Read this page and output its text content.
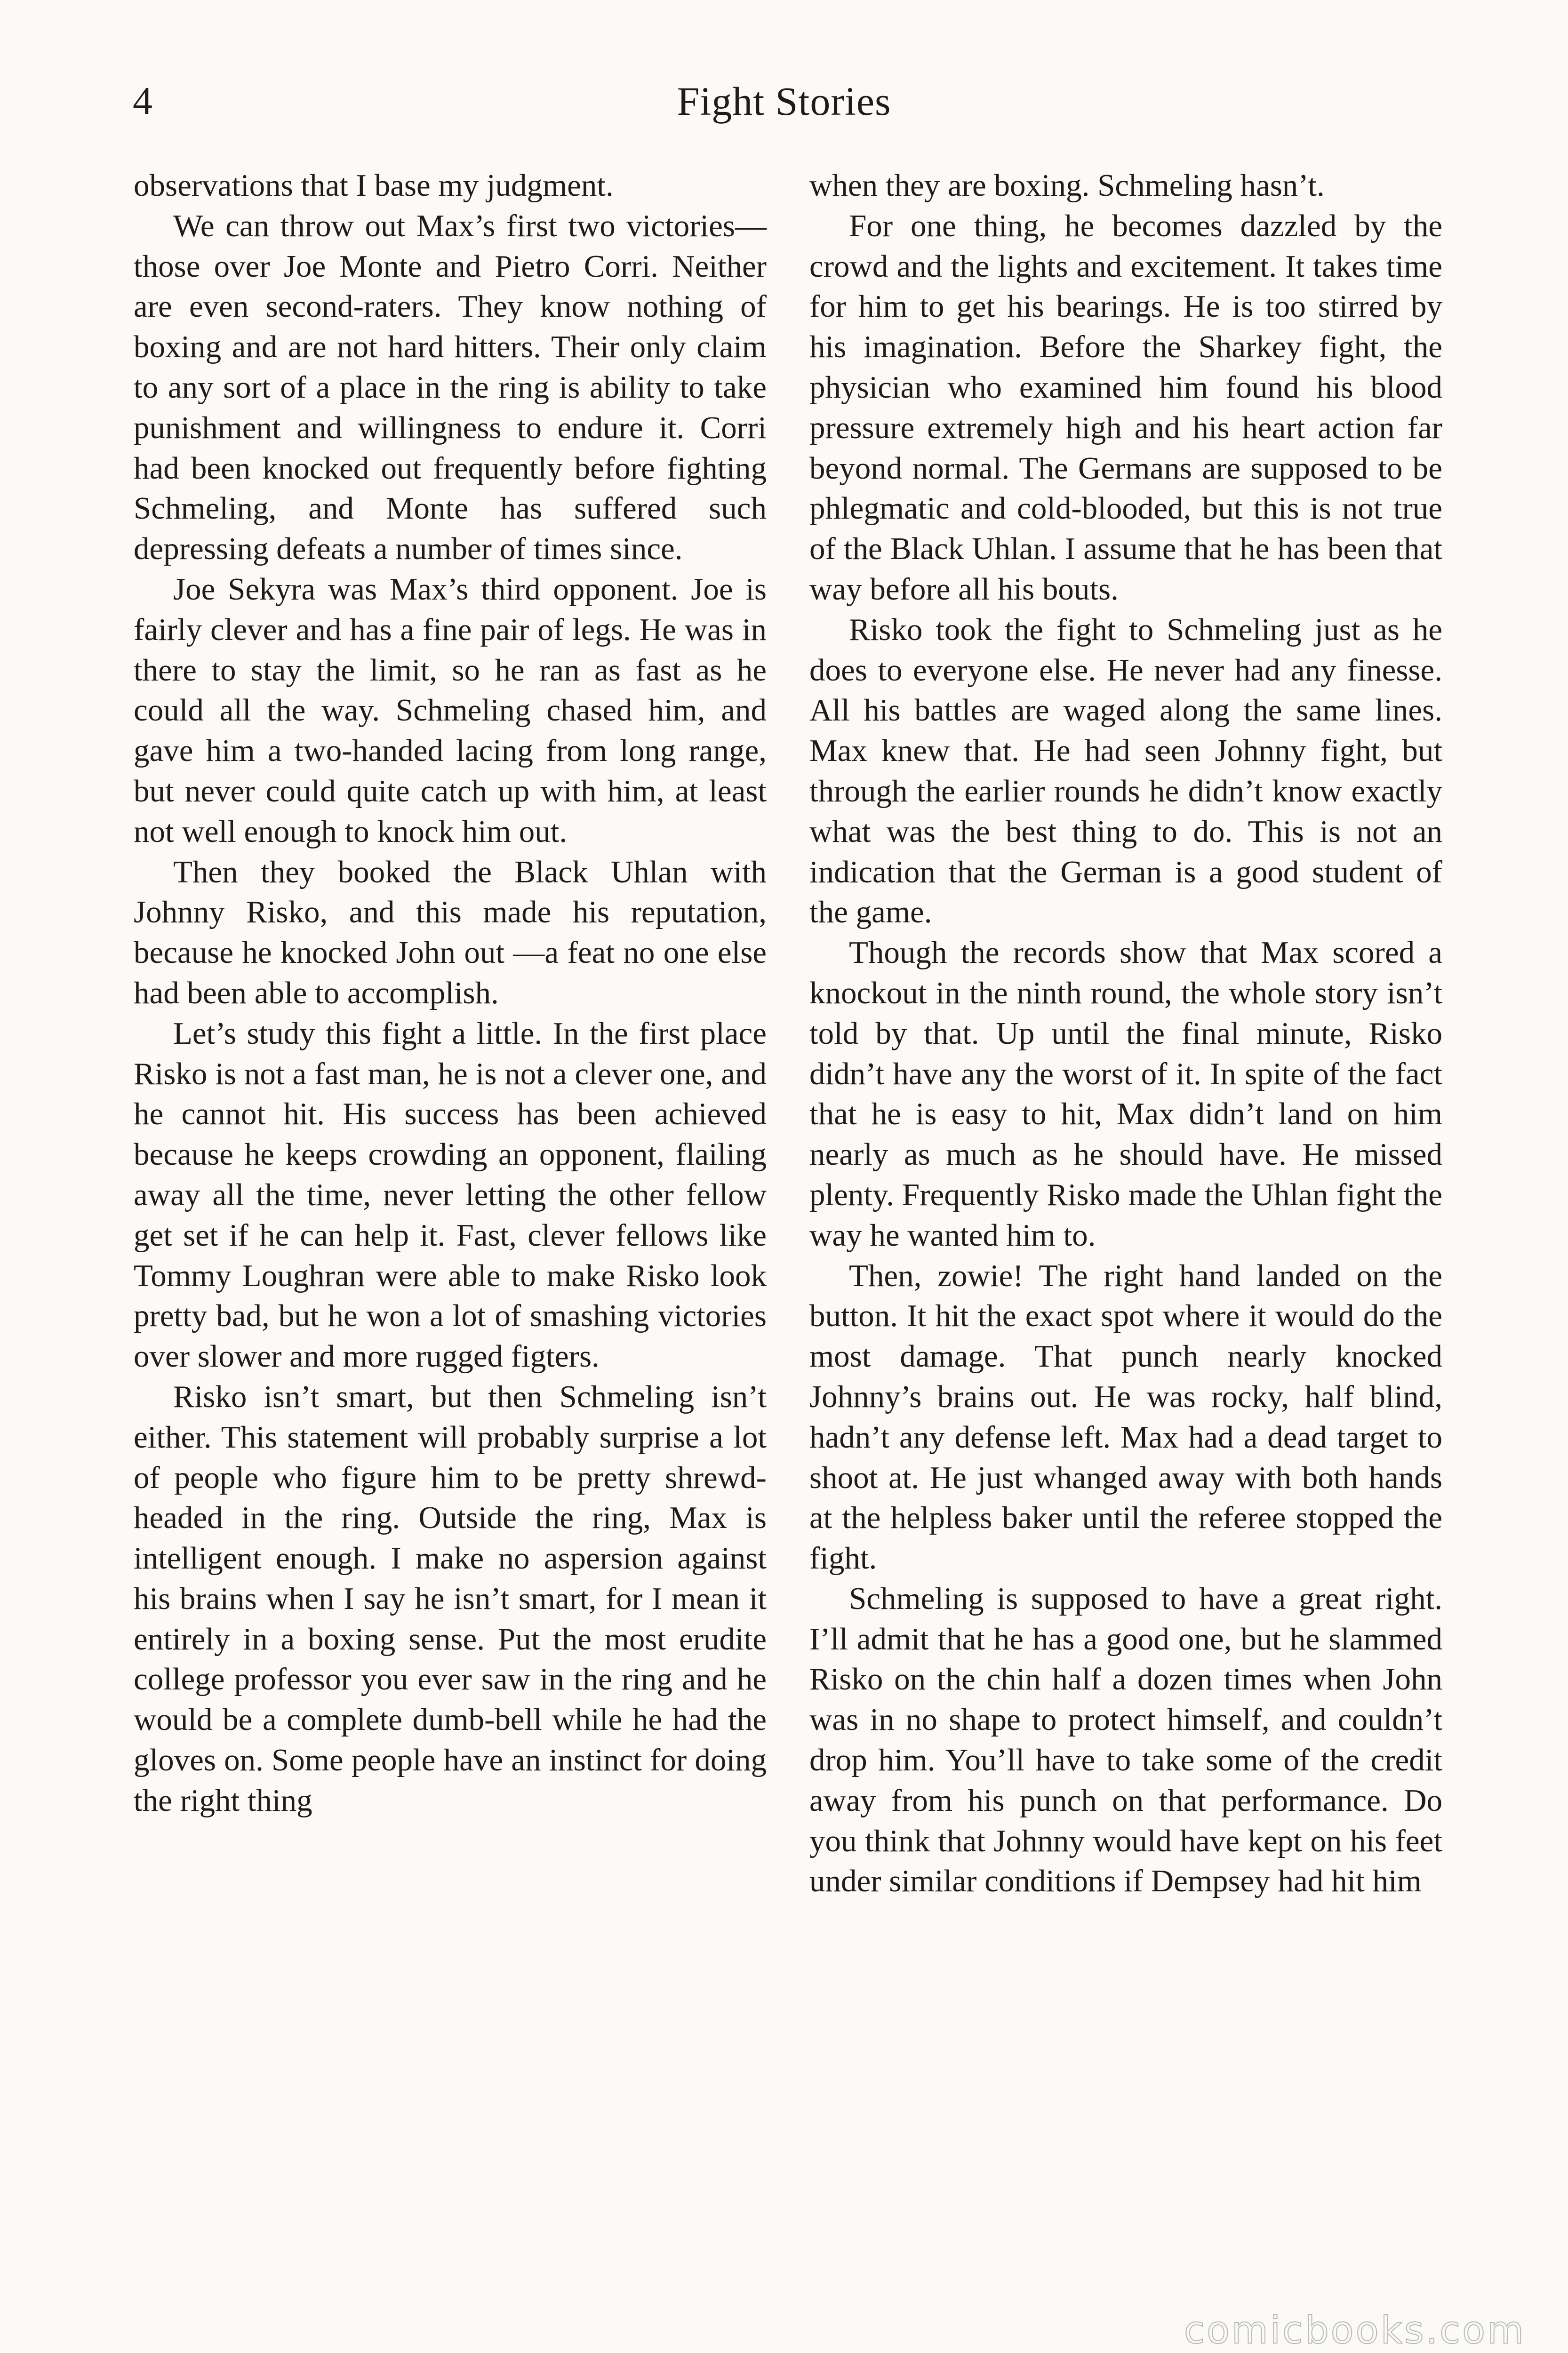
4	Fight Stories

observations that I base my judgment.

We can throw out Max’s first two victories—those over Joe Monte and Pietro Corri. Neither are even second-raters. They know nothing of boxing and are not hard hitters. Their only claim to any sort of a place in the ring is ability to take punishment and willingness to endure it. Corri had been knocked out frequently before fighting Schmeling, and Monte has suffered such depressing defeats a number of times since.

Joe Sekyra was Max’s third opponent. Joe is fairly clever and has a fine pair of legs. He was in there to stay the limit, so he ran as fast as he could all the way. Schmeling chased him, and gave him a two-handed lacing from long range, but never could quite catch up with him, at least not well enough to knock him out.

Then they booked the Black Uhlan with Johnny Risko, and this made his reputation, because he knocked John out —a feat no one else had been able to accomplish.

Let’s study this fight a little. In the first place Risko is not a fast man, he is not a clever one, and he cannot hit. His success has been achieved because he keeps crowding an opponent, flailing away all the time, never letting the other fellow get set if he can help it. Fast, clever fellows like Tommy Loughran were able to make Risko look pretty bad, but he won a lot of smashing victories over slower and more rugged figters.

Risko isn’t smart, but then Schmeling isn’t either. This statement will probably surprise a lot of people who figure him to be pretty shrewd-headed in the ring. Outside the ring, Max is intelligent enough. I make no aspersion against his brains when I say he isn’t smart, for I mean it entirely in a boxing sense. Put the most erudite college professor you ever saw in the ring and he would be a complete dumb-bell while he had the gloves on. Some people have an instinct for doing the right thing

when they are boxing. Schmeling hasn’t.

For one thing, he becomes dazzled by the crowd and the lights and excitement. It takes time for him to get his bearings. He is too stirred by his imagination. Before the Sharkey fight, the physician who examined him found his blood pressure extremely high and his heart action far beyond normal. The Germans are supposed to be phlegmatic and cold-blooded, but this is not true of the Black Uhlan. I assume that he has been that way before all his bouts.

Risko took the fight to Schmeling just as he does to everyone else. He never had any finesse. All his battles are waged along the same lines. Max knew that. He had seen Johnny fight, but through the earlier rounds he didn’t know exactly what was the best thing to do. This is not an indication that the German is a good student of the game.

Though the records show that Max scored a knockout in the ninth round, the whole story isn’t told by that. Up until the final minute, Risko didn’t have any the worst of it. In spite of the fact that he is easy to hit, Max didn’t land on him nearly as much as he should have. He missed plenty. Frequently Risko made the Uhlan fight the way he wanted him to.

Then, zowie! The right hand landed on the button. It hit the exact spot where it would do the most damage. That punch nearly knocked Johnny’s brains out. He was rocky, half blind, hadn’t any defense left. Max had a dead target to shoot at. He just whanged away with both hands at the helpless baker until the referee stopped the fight.

Schmeling is supposed to have a great right. I’ll admit that he has a good one, but he slammed Risko on the chin half a dozen times when John was in no shape to protect himself, and couldn’t drop him. You’ll have to take some of the credit away from his punch on that performance. Do you think that Johnny would have kept on his feet under similar conditions if Dempsey had hit him

comicbooks.com
